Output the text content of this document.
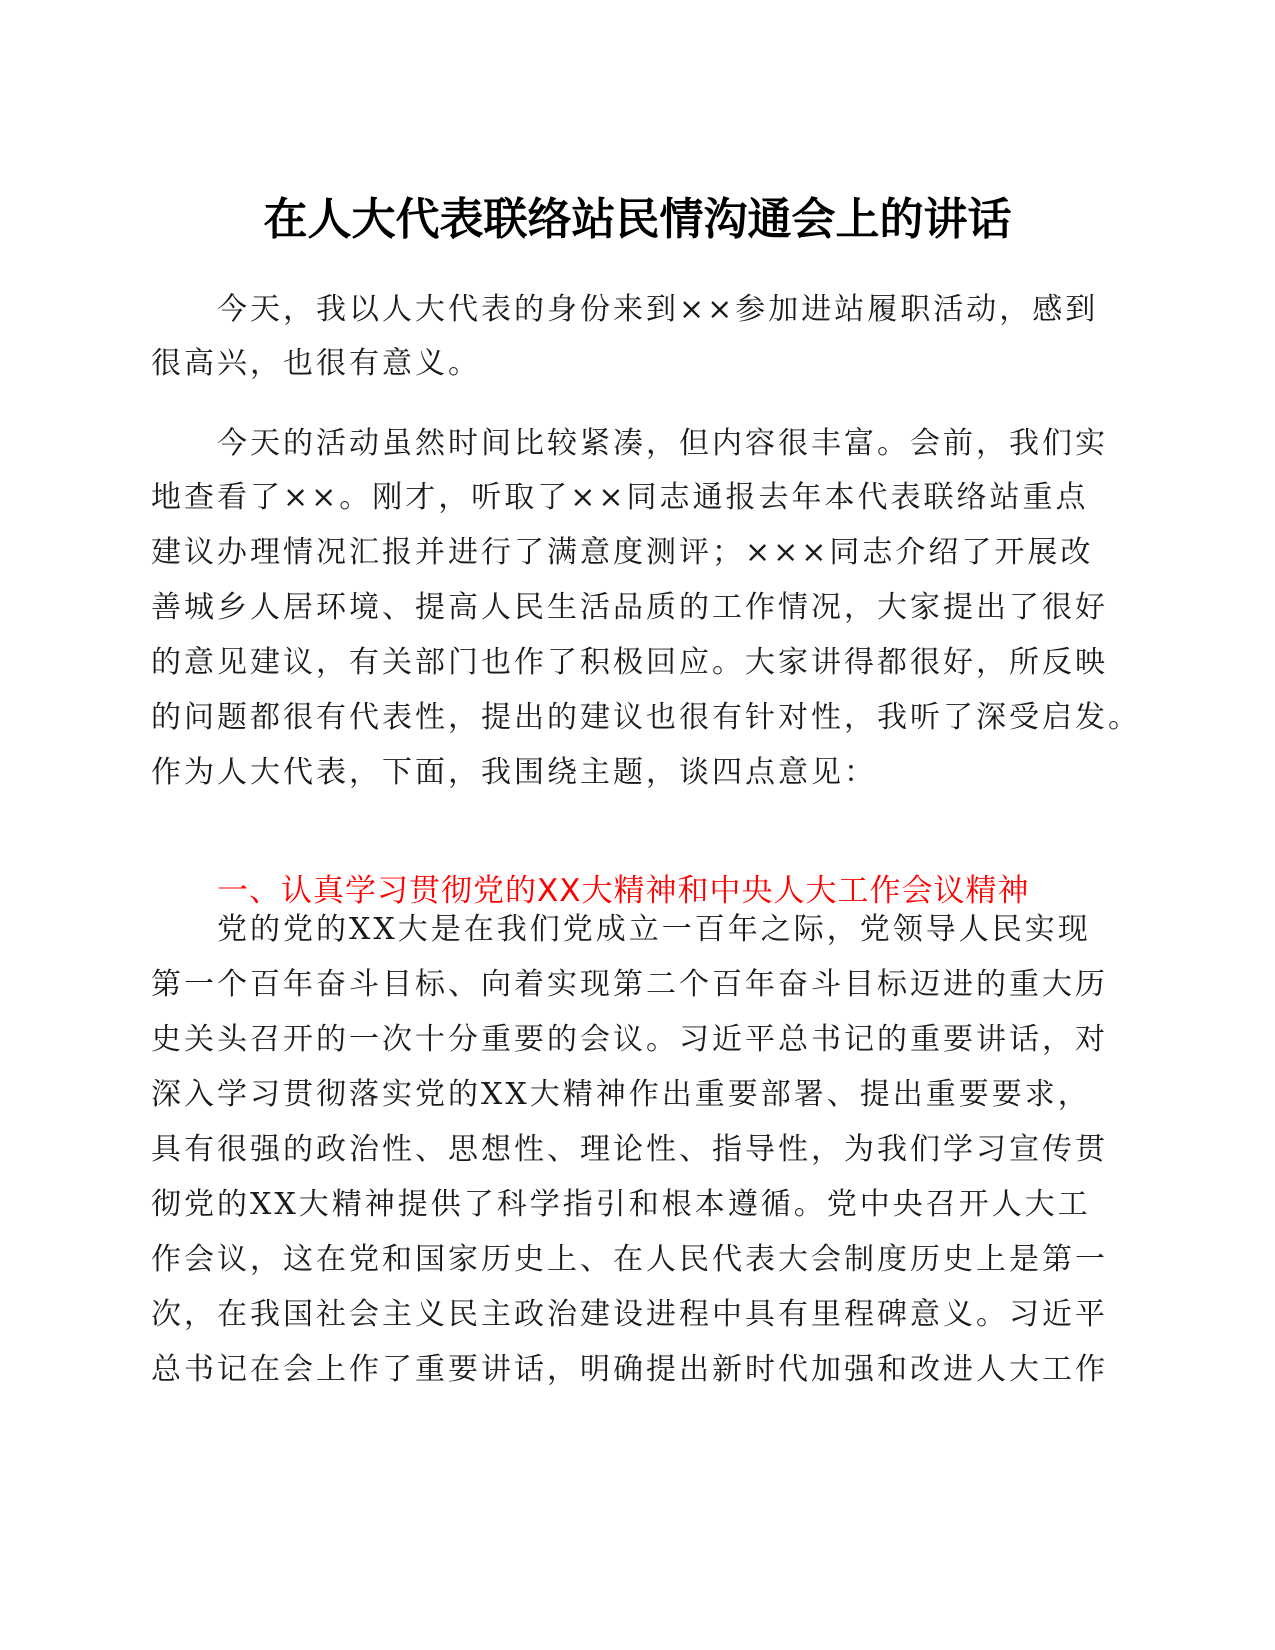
在人大代表联络站民情沟通会上的讲话
今天，我以人大代表的身份来到××参加进站履职活动，感到
很高兴，也很有意义。
今天的活动虽然时间比较紧凑，但内容很丰富。会前，我们实
地查看了××。刚才，听取了××同志通报去年本代表联络站重点
建议办理情况汇报并进行了满意度测评；×××同志介绍了开展改
善城乡人居环境、提高人民生活品质的工作情况，大家提出了很好
的意见建议，有关部门也作了积极回应。大家讲得都很好，所反映
的问题都很有代表性，提出的建议也很有针对性，我听了深受启发。
作为人大代表，下面，我围绕主题，谈四点意见：
一、认真学习贯彻党的XX大精神和中央人大工作会议精神
党的党的XX大是在我们党成立一百年之际，党领导人民实现
第一个百年奋斗目标、向着实现第二个百年奋斗目标迈进的重大历
史关头召开的一次十分重要的会议。习近平总书记的重要讲话，对
深入学习贯彻落实党的XX大精神作出重要部署、提出重要要求，
具有很强的政治性、思想性、理论性、指导性，为我们学习宣传贯
彻党的XX大精神提供了科学指引和根本遵循。党中央召开人大工
作会议，这在党和国家历史上、在人民代表大会制度历史上是第一
次，在我国社会主义民主政治建设进程中具有里程碑意义。习近平
总书记在会上作了重要讲话，明确提出新时代加强和改进人大工作
